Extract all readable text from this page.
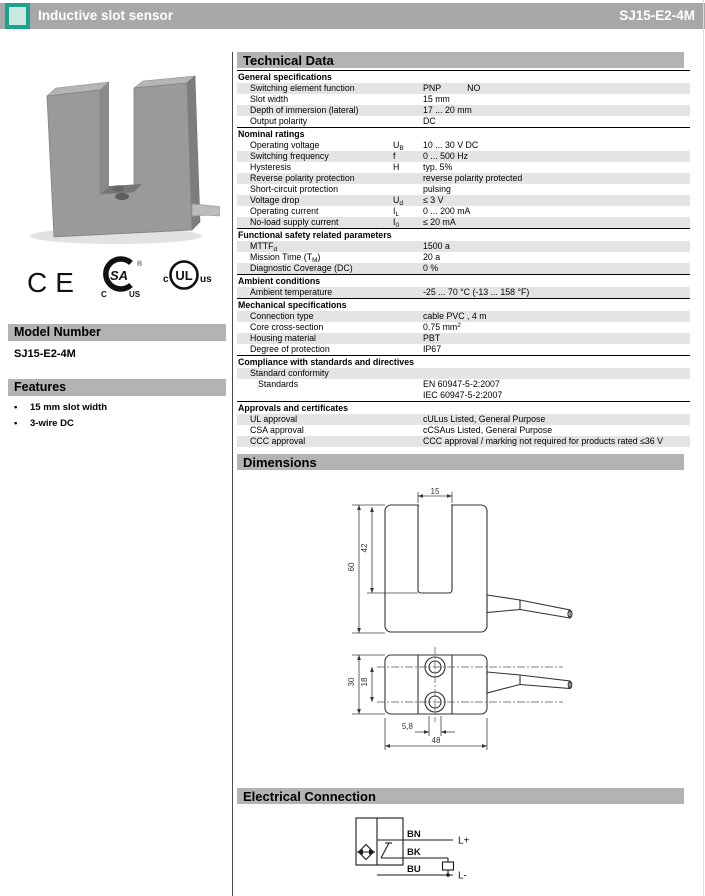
Inductive slot sensor	SJ15-E2-4M
CE SA
®
C	US
UL
c	us
Model Number
SJ15-E2-4M
Features
• 15 mm slot width
• 3-wire DC
Technical Data
General specifications
Switching element function	PNP	NO
Slot width	15 mm
Depth of immersion (lateral)	17 ... 20 mm
Output polarity	DC
Nominal ratings
Operating voltage	$U_B$	10 ... 30 V DC
Switching frequency	f	0 ... 500 Hz
Hysteresis	H	typ. 5%
Reverse polarity protection	reverse polarity protected
Short-circuit protection	pulsing
Voltage drop	$U_d$	≤ 3 V
Operating current	$I_L$	0 ... 200 mA
No-load supply current	$I_0$	≤ 20 mA
Functional safety related parameters
$MTTF_d$	1500 a
Mission Time $(T_M)$	20 a
Diagnostic Coverage (DC)	0 %
Ambient conditions
Ambient temperature	-25 ... 70 °C (-13 ... 158 °F)
Mechanical specifications
Connection type	cable PVC , 4 m
Core cross-section	0.75 $mm^2$
Housing material	PBT
Degree of protection	IP67
Compliance with standards and directives
Standard conformity
Standards	EN 60947-5-2:2007
IEC 60947-5-2:2007
Approvals and certificates
UL approval	cULus Listed, General Purpose
CSA approval	cCSAus Listed, General Purpose
CCC approval	CCC approval / marking not required for products rated ≤36 V
Dimensions
15
60
42
30 18
5,8
48
Electrical Connection
BN
BK
BU
L+
L-
